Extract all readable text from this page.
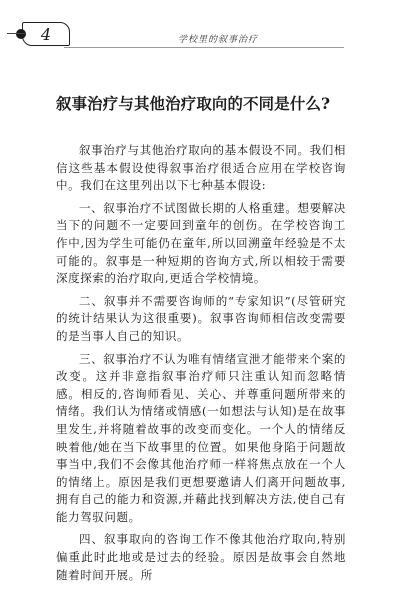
4	学校里的叙事治疗
叙事治疗与其他治疗取向的不同是什么?

叙事治疗与其他治疗取向的基本假设不同。我们相信这些基本假设使得叙事治疗很适合应用在学校咨询中。我们在这里列出以下七种基本假设:

一、叙事治疗不试图做长期的人格重建。想要解决当下的问题不一定要回到童年的创伤。在学校咨询工作中,因为学生可能仍在童年,所以回溯童年经验是不太可能的。叙事是一种短期的咨询方式,所以相较于需要深度探索的治疗取向,更适合学校情境。

二、叙事并不需要咨询师的“专家知识”(尽管研究的统计结果认为这很重要)。叙事咨询师相信改变需要的是当事人自己的知识。

三、叙事治疗不认为唯有情绪宣泄才能带来个案的改变。这并非意指叙事治疗师只注重认知而忽略情感。相反的,咨询师看见、关心、并尊重问题所带来的情绪。我们认为情绪或情感(一如想法与认知)是在故事里发生,并将随着故事的改变而变化。一个人的情绪反映着他/她在当下故事里的位置。如果他身陷于问题故事当中,我们不会像其他治疗师一样将焦点放在一个人的情绪上。原因是我们更想要邀请人们离开问题故事,拥有自己的能力和资源,并藉此找到解决方法,使自己有能力驾驭问题。

四、叙事取向的咨询工作不像其他治疗取向,特别偏重此时此地或是过去的经验。原因是故事会自然地随着时间开展。所
